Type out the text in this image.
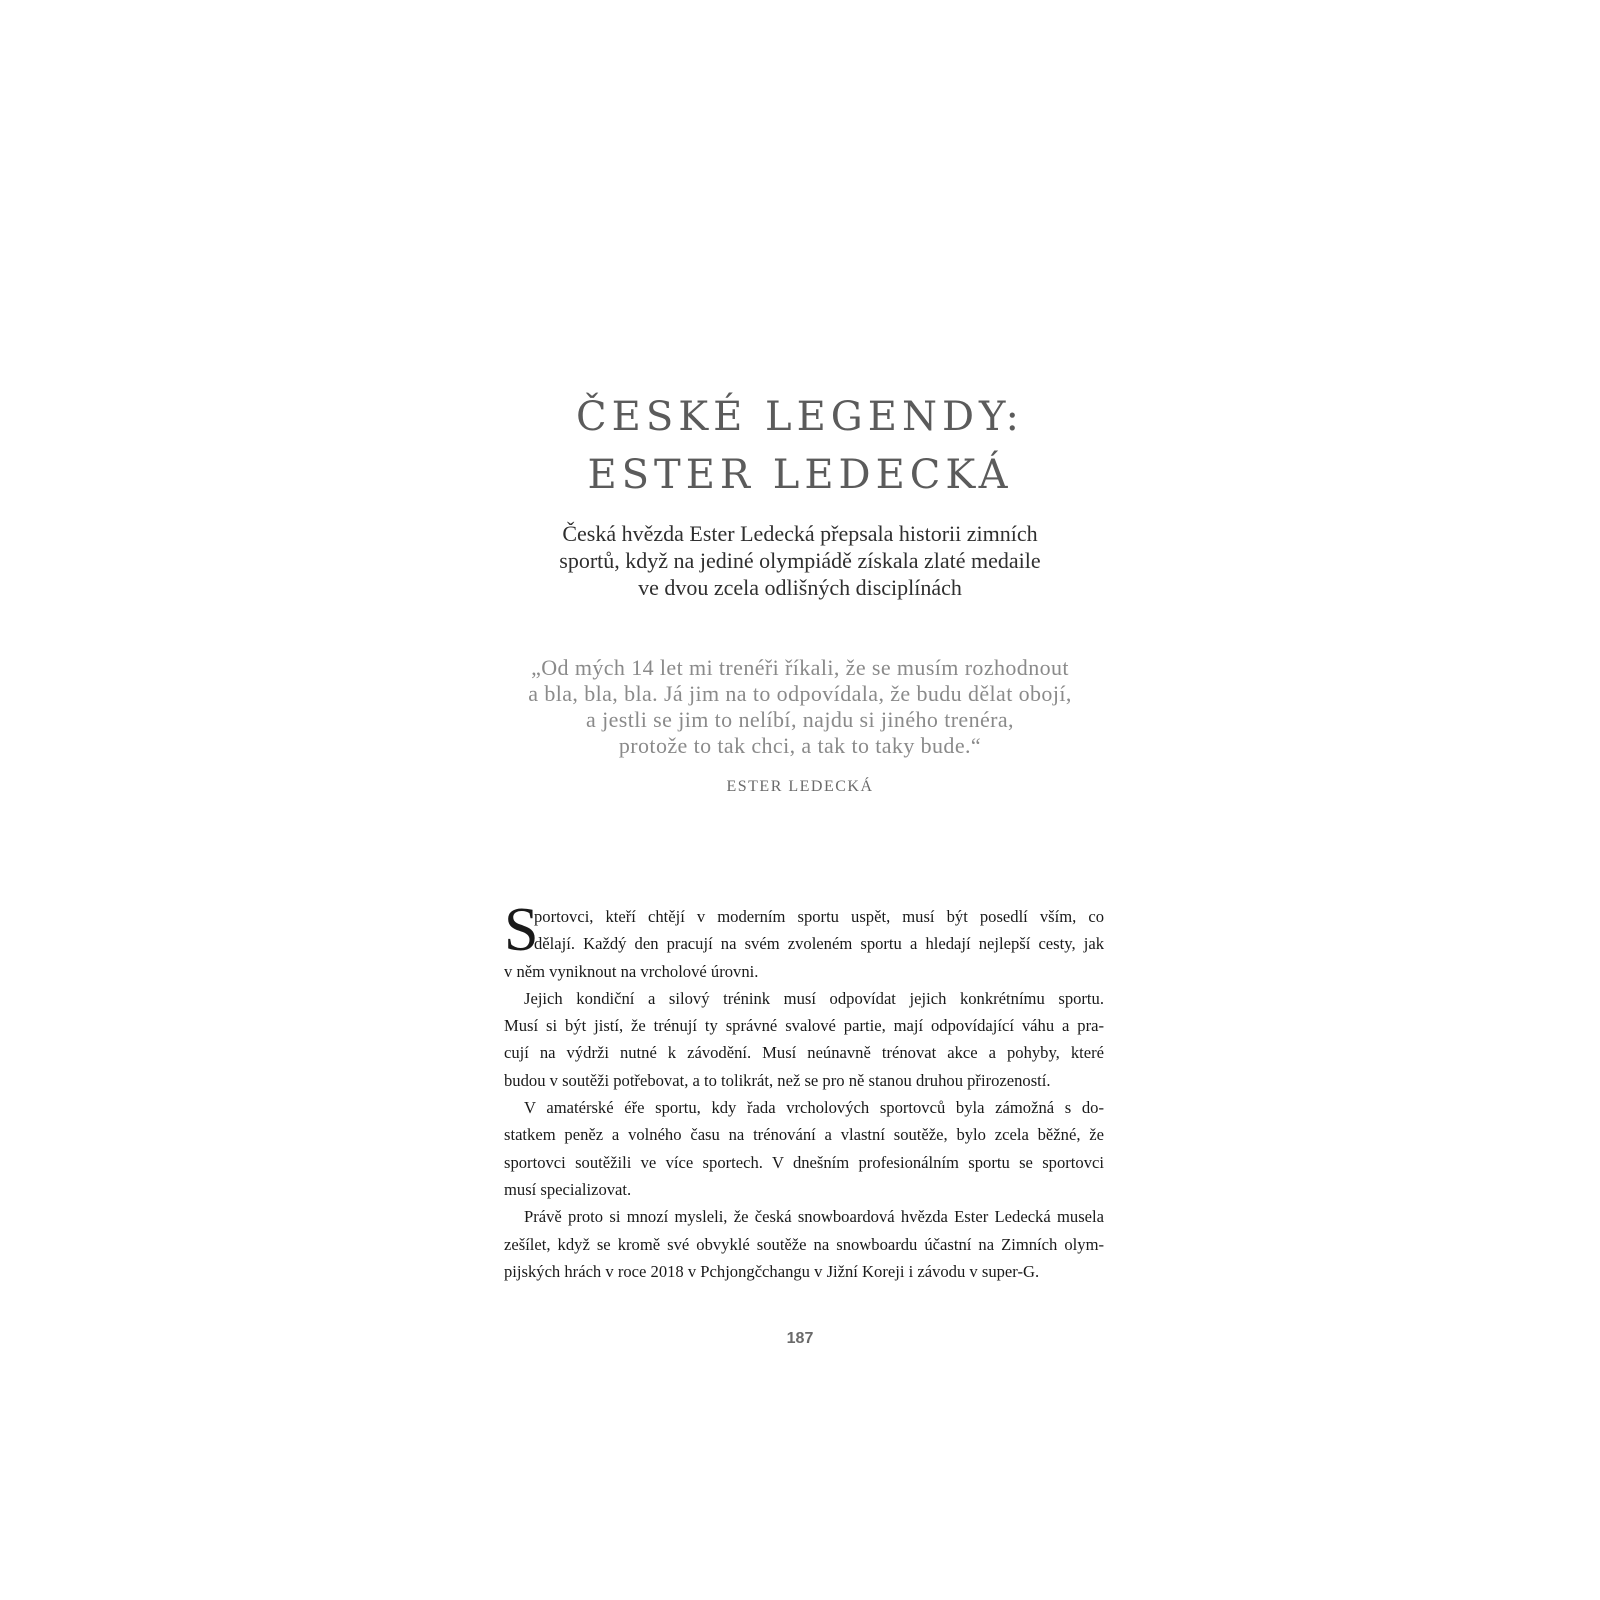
ČESKÉ LEGENDY:
ESTER LEDECKÁ
Česká hvězda Ester Ledecká přepsala historii zimních
sportů, když na jediné olympiádě získala zlaté medaile
ve dvou zcela odlišných disciplínách
„Od mých 14 let mi trenéři říkali, že se musím rozhodnout
a bla, bla, bla. Já jim na to odpovídala, že budu dělat obojí,
a jestli se jim to nelíbí, najdu si jiného trenéra,
protože to tak chci, a tak to taky bude.“
ESTER LEDECKÁ
S
portovci, kteří chtějí v moderním sportu uspět, musí být posedlí vším, co
dělají. Každý den pracují na svém zvoleném sportu a hledají nejlepší cesty, jak
v něm vyniknout na vrcholové úrovni.
Jejich kondiční a silový trénink musí odpovídat jejich konkrétnímu sportu.
Musí si být jistí, že trénují ty správné svalové partie, mají odpovídající váhu a pra-
cují na výdrži nutné k závodění. Musí neúnavně trénovat akce a pohyby, které
budou v soutěži potřebovat, a to tolikrát, než se pro ně stanou druhou přirozeností.
V amatérské éře sportu, kdy řada vrcholových sportovců byla zámožná s do-
statkem peněz a volného času na trénování a vlastní soutěže, bylo zcela běžné, že
sportovci soutěžili ve více sportech. V dnešním profesionálním sportu se sportovci
musí specializovat.
Právě proto si mnozí mysleli, že česká snowboardová hvězda Ester Ledecká musela
zešílet, když se kromě své obvyklé soutěže na snowboardu účastní na Zimních olym-
pijských hrách v roce 2018 v Pchjongčchangu v Jižní Koreji i závodu v super-G.
187
